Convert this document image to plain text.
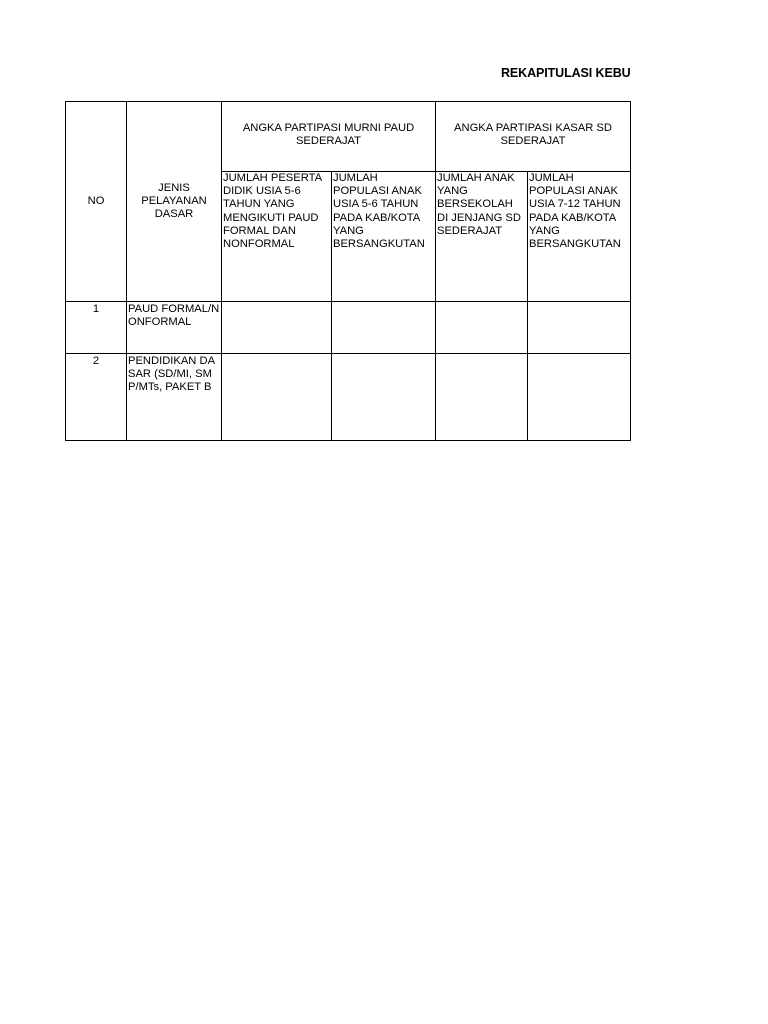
REKAPITULASI KEBU
NO	JENIS PELAYANAN DASAR	ANGKA PARTIPASI MURNI PAUD SEDERAJAT		ANGKA PARTIPASI KASAR SD SEDERAJAT	
		JUMLAH PESERTA DIDIK USIA 5-6 TAHUN YANG MENGIKUTI PAUD FORMAL DAN NONFORMAL	JUMLAH POPULASI ANAK USIA 5-6 TAHUN PADA KAB/KOTA YANG BERSANGKUTAN	JUMLAH ANAK YANG BERSEKOLAH DI JENJANG SD SEDERAJAT	JUMLAH POPULASI ANAK USIA 7-12 TAHUN PADA KAB/KOTA YANG BERSANGKUTAN
1	PAUD FORMAL/NONFORMAL				
2	PENDIDIKAN DASAR (SD/MI, SMP/MTs, PAKET B				
